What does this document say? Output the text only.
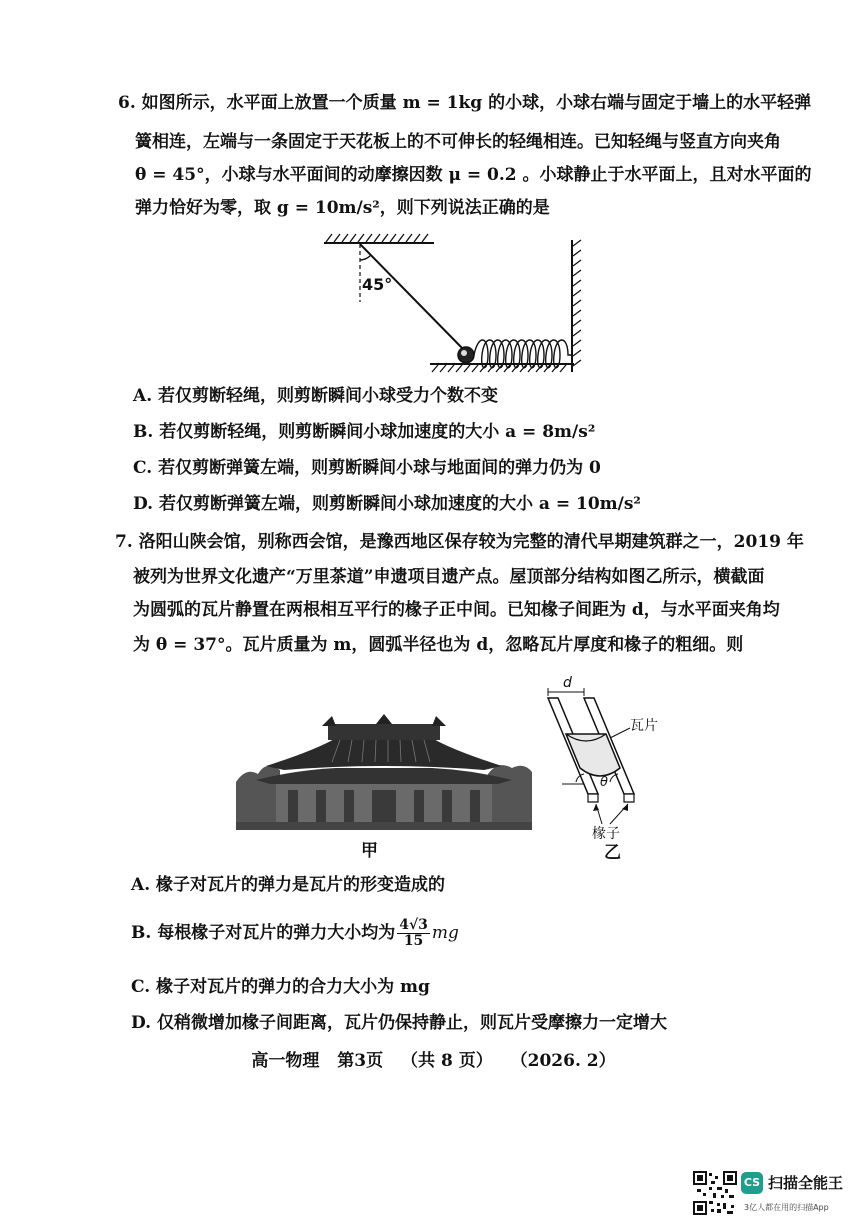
6. 如图所示，水平面上放置一个质量 m = 1kg 的小球，小球右端与固定于墙上的水平轻弹
簧相连，左端与一条固定于天花板上的不可伸长的轻绳相连。已知轻绳与竖直方向夹角
θ = 45°，小球与水平面间的动摩擦因数 μ = 0.2 。小球静止于水平面上，且对水平面的
弹力恰好为零，取 g = 10m/s²，则下列说法正确的是
45°
A. 若仅剪断轻绳，则剪断瞬间小球受力个数不变
B. 若仅剪断轻绳，则剪断瞬间小球加速度的大小 a = 8m/s²
C. 若仅剪断弹簧左端，则剪断瞬间小球与地面间的弹力仍为 0
D. 若仅剪断弹簧左端，则剪断瞬间小球加速度的大小 a = 10m/s²
7. 洛阳山陕会馆，别称西会馆，是豫西地区保存较为完整的清代早期建筑群之一，2019 年
被列为世界文化遗产“万里茶道”申遗项目遗产点。屋顶部分结构如图乙所示，横截面
为圆弧的瓦片静置在两根相互平行的椽子正中间。已知椽子间距为 d，与水平面夹角均
为 θ = 37°。瓦片质量为 m，圆弧半径也为 d，忽略瓦片厚度和椽子的粗细。则
甲
d
瓦片
θ
椽子
乙
A. 椽子对瓦片的弹力是瓦片的形变造成的
B. 每根椽子对瓦片的弹力大小均为 $\frac{4√3}{15}$ mg
C. 椽子对瓦片的弹力的合力大小为 mg
D. 仅稍微增加椽子间距离，瓦片仍保持静止，则瓦片受摩擦力一定增大
高一物理 第3页 （共 8 页） （2026. 2）
CS 扫描全能王
3亿人都在用的扫描App
